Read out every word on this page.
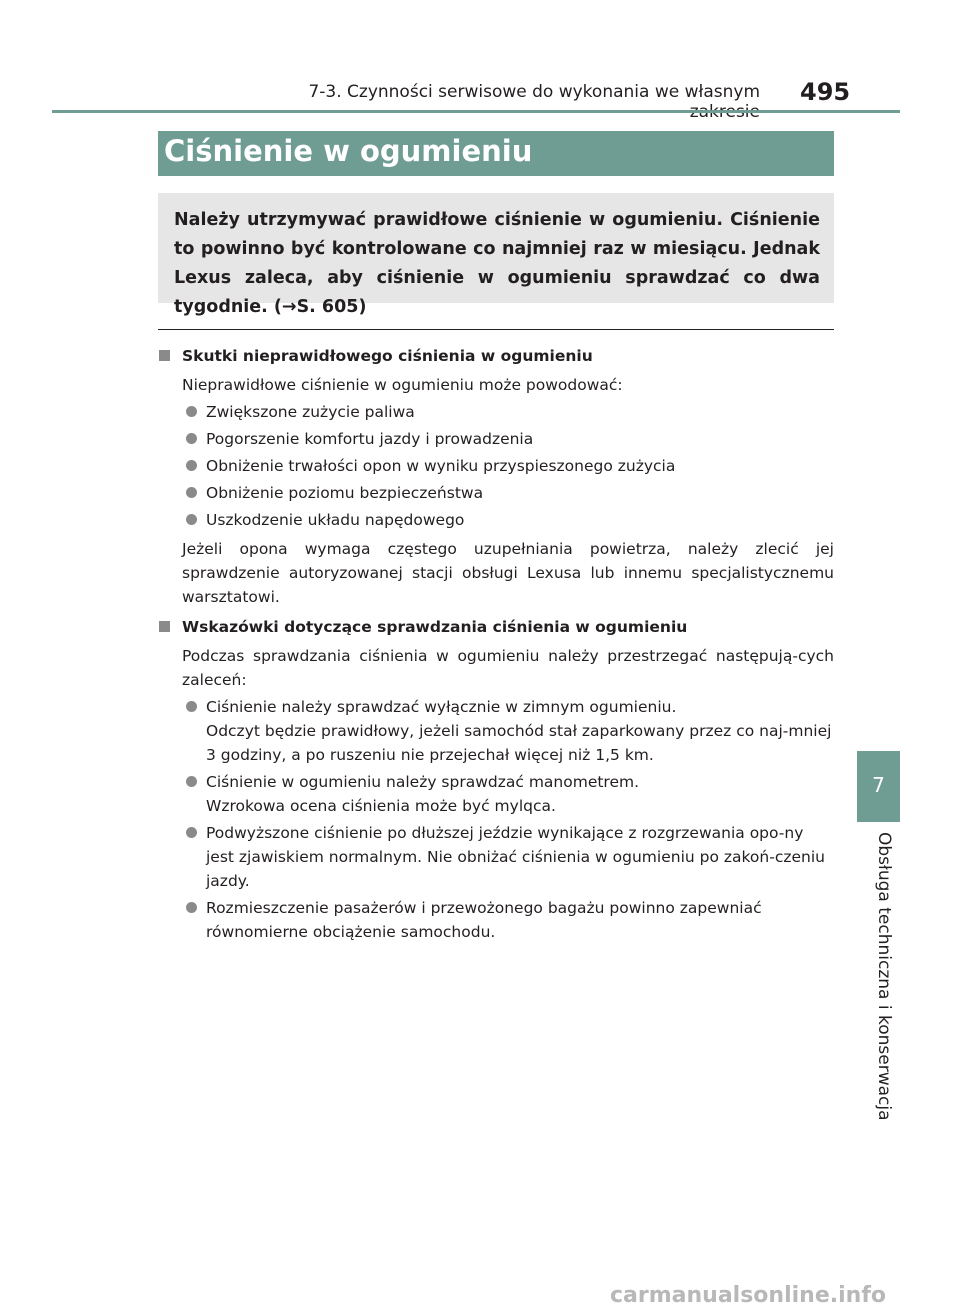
7-3. Czynności serwisowe do wykonania we własnym 495
Ciśnienie w ogumieniu
Należy utrzymywać prawidłowe ciśnienie w ogumieniu. Ciśnienie to powinno być kontrolowane co najmniej raz w miesiącu. Jednak Lexus zaleca, aby ciśnienie w ogumieniu sprawdzać co dwa tygodnie. (→S. 605)
Skutki nieprawidłowego ciśnienia w ogumieniu
Nieprawidłowe ciśnienie w ogumieniu może powodować:
Zwiększone zużycie paliwa
Pogorszenie komfortu jazdy i prowadzenia
Obniżenie trwałości opon w wyniku przyspieszonego zużycia
Obniżenie poziomu bezpieczeństwa
Uszkodzenie układu napędowego
Jeżeli opona wymaga częstego uzupełniania powietrza, należy zlecić jej sprawdzenie autoryzowanej stacji obsługi Lexusa lub innemu specjalistycznemu warsztatowi.
Wskazówki dotyczące sprawdzania ciśnienia w ogumieniu
Podczas sprawdzania ciśnienia w ogumieniu należy przestrzegać następują-cych zaleceń:
Ciśnienie należy sprawdzać wyłącznie w zimnym ogumieniu.
Odczyt będzie prawidłowy, jeżeli samochód stał zaparkowany przez co naj-mniej 3 godziny, a po ruszeniu nie przejechał więcej niż 1,5 km.
Ciśnienie w ogumieniu należy sprawdzać manometrem.
Wzrokowa ocena ciśnienia może być mylqca.
Podwyższone ciśnienie po dłuższej jeździe wynikające z rozgrzewania opo-ny jest zjawiskiem normalnym. Nie obniżać ciśnienia w ogumieniu po zakoń-czeniu jazdy.
Rozmieszczenie pasażerów i przewożonego bagażu powinno zapewniać równomierne obciążenie samochodu.
7
Obsługa techniczna i konserwacja
carmanualsonline.info
